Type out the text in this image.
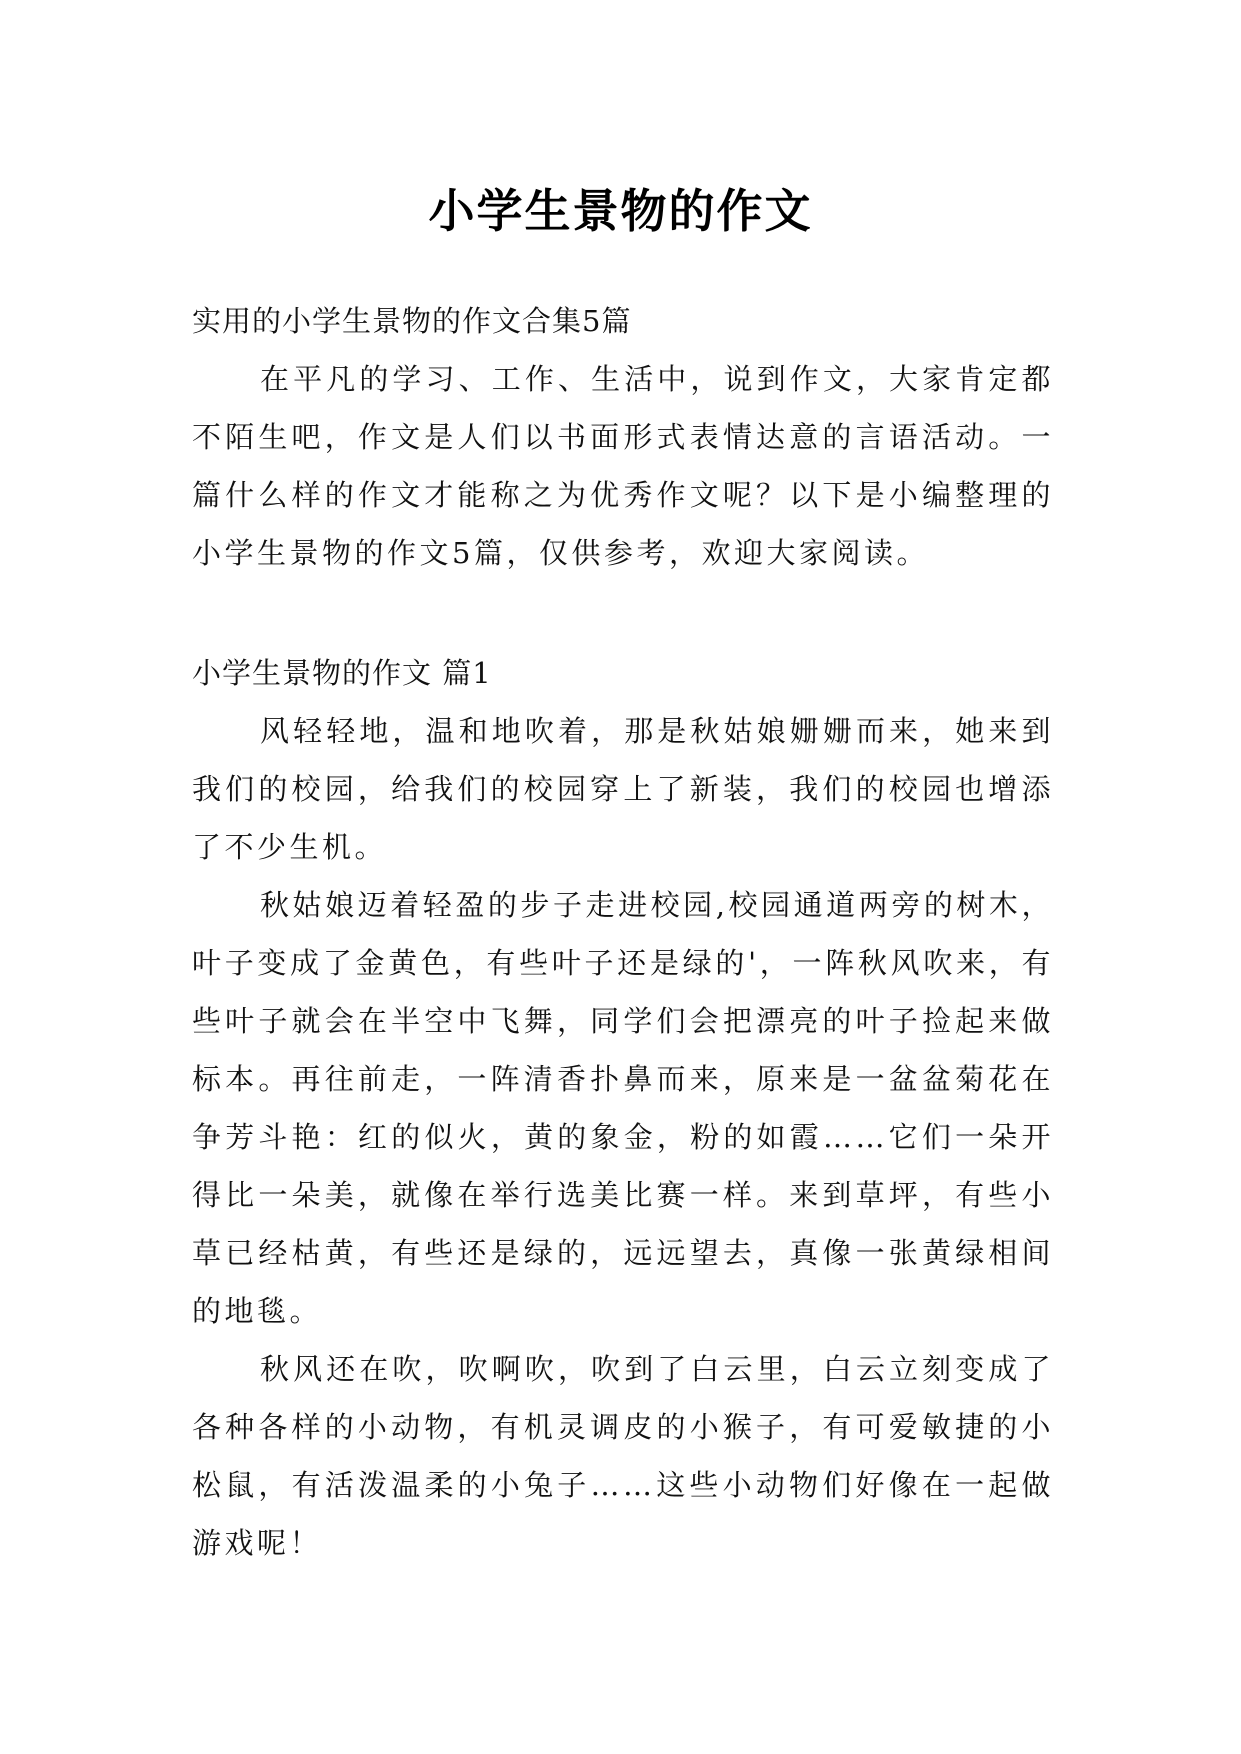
小学生景物的作文

实用的小学生景物的作文合集5篇

在平凡的学习、工作、生活中，说到作文，大家肯定都不陌生吧，作文是人们以书面形式表情达意的言语活动。一篇什么样的作文才能称之为优秀作文呢？以下是小编整理的小学生景物的作文5篇，仅供参考，欢迎大家阅读。

小学生景物的作文 篇1

风轻轻地，温和地吹着，那是秋姑娘姗姗而来，她来到我们的校园，给我们的校园穿上了新装，我们的校园也增添了不少生机。

秋姑娘迈着轻盈的步子走进校园,校园通道两旁的树木，叶子变成了金黄色，有些叶子还是绿的'，一阵秋风吹来，有些叶子就会在半空中飞舞，同学们会把漂亮的叶子捡起来做标本。再往前走，一阵清香扑鼻而来，原来是一盆盆菊花在争芳斗艳：红的似火，黄的象金，粉的如霞……它们一朵开得比一朵美，就像在举行选美比赛一样。来到草坪，有些小草已经枯黄，有些还是绿的，远远望去，真像一张黄绿相间的地毯。

秋风还在吹，吹啊吹，吹到了白云里，白云立刻变成了各种各样的小动物，有机灵调皮的小猴子，有可爱敏捷的小松鼠，有活泼温柔的小兔子……这些小动物们好像在一起做游戏呢！
